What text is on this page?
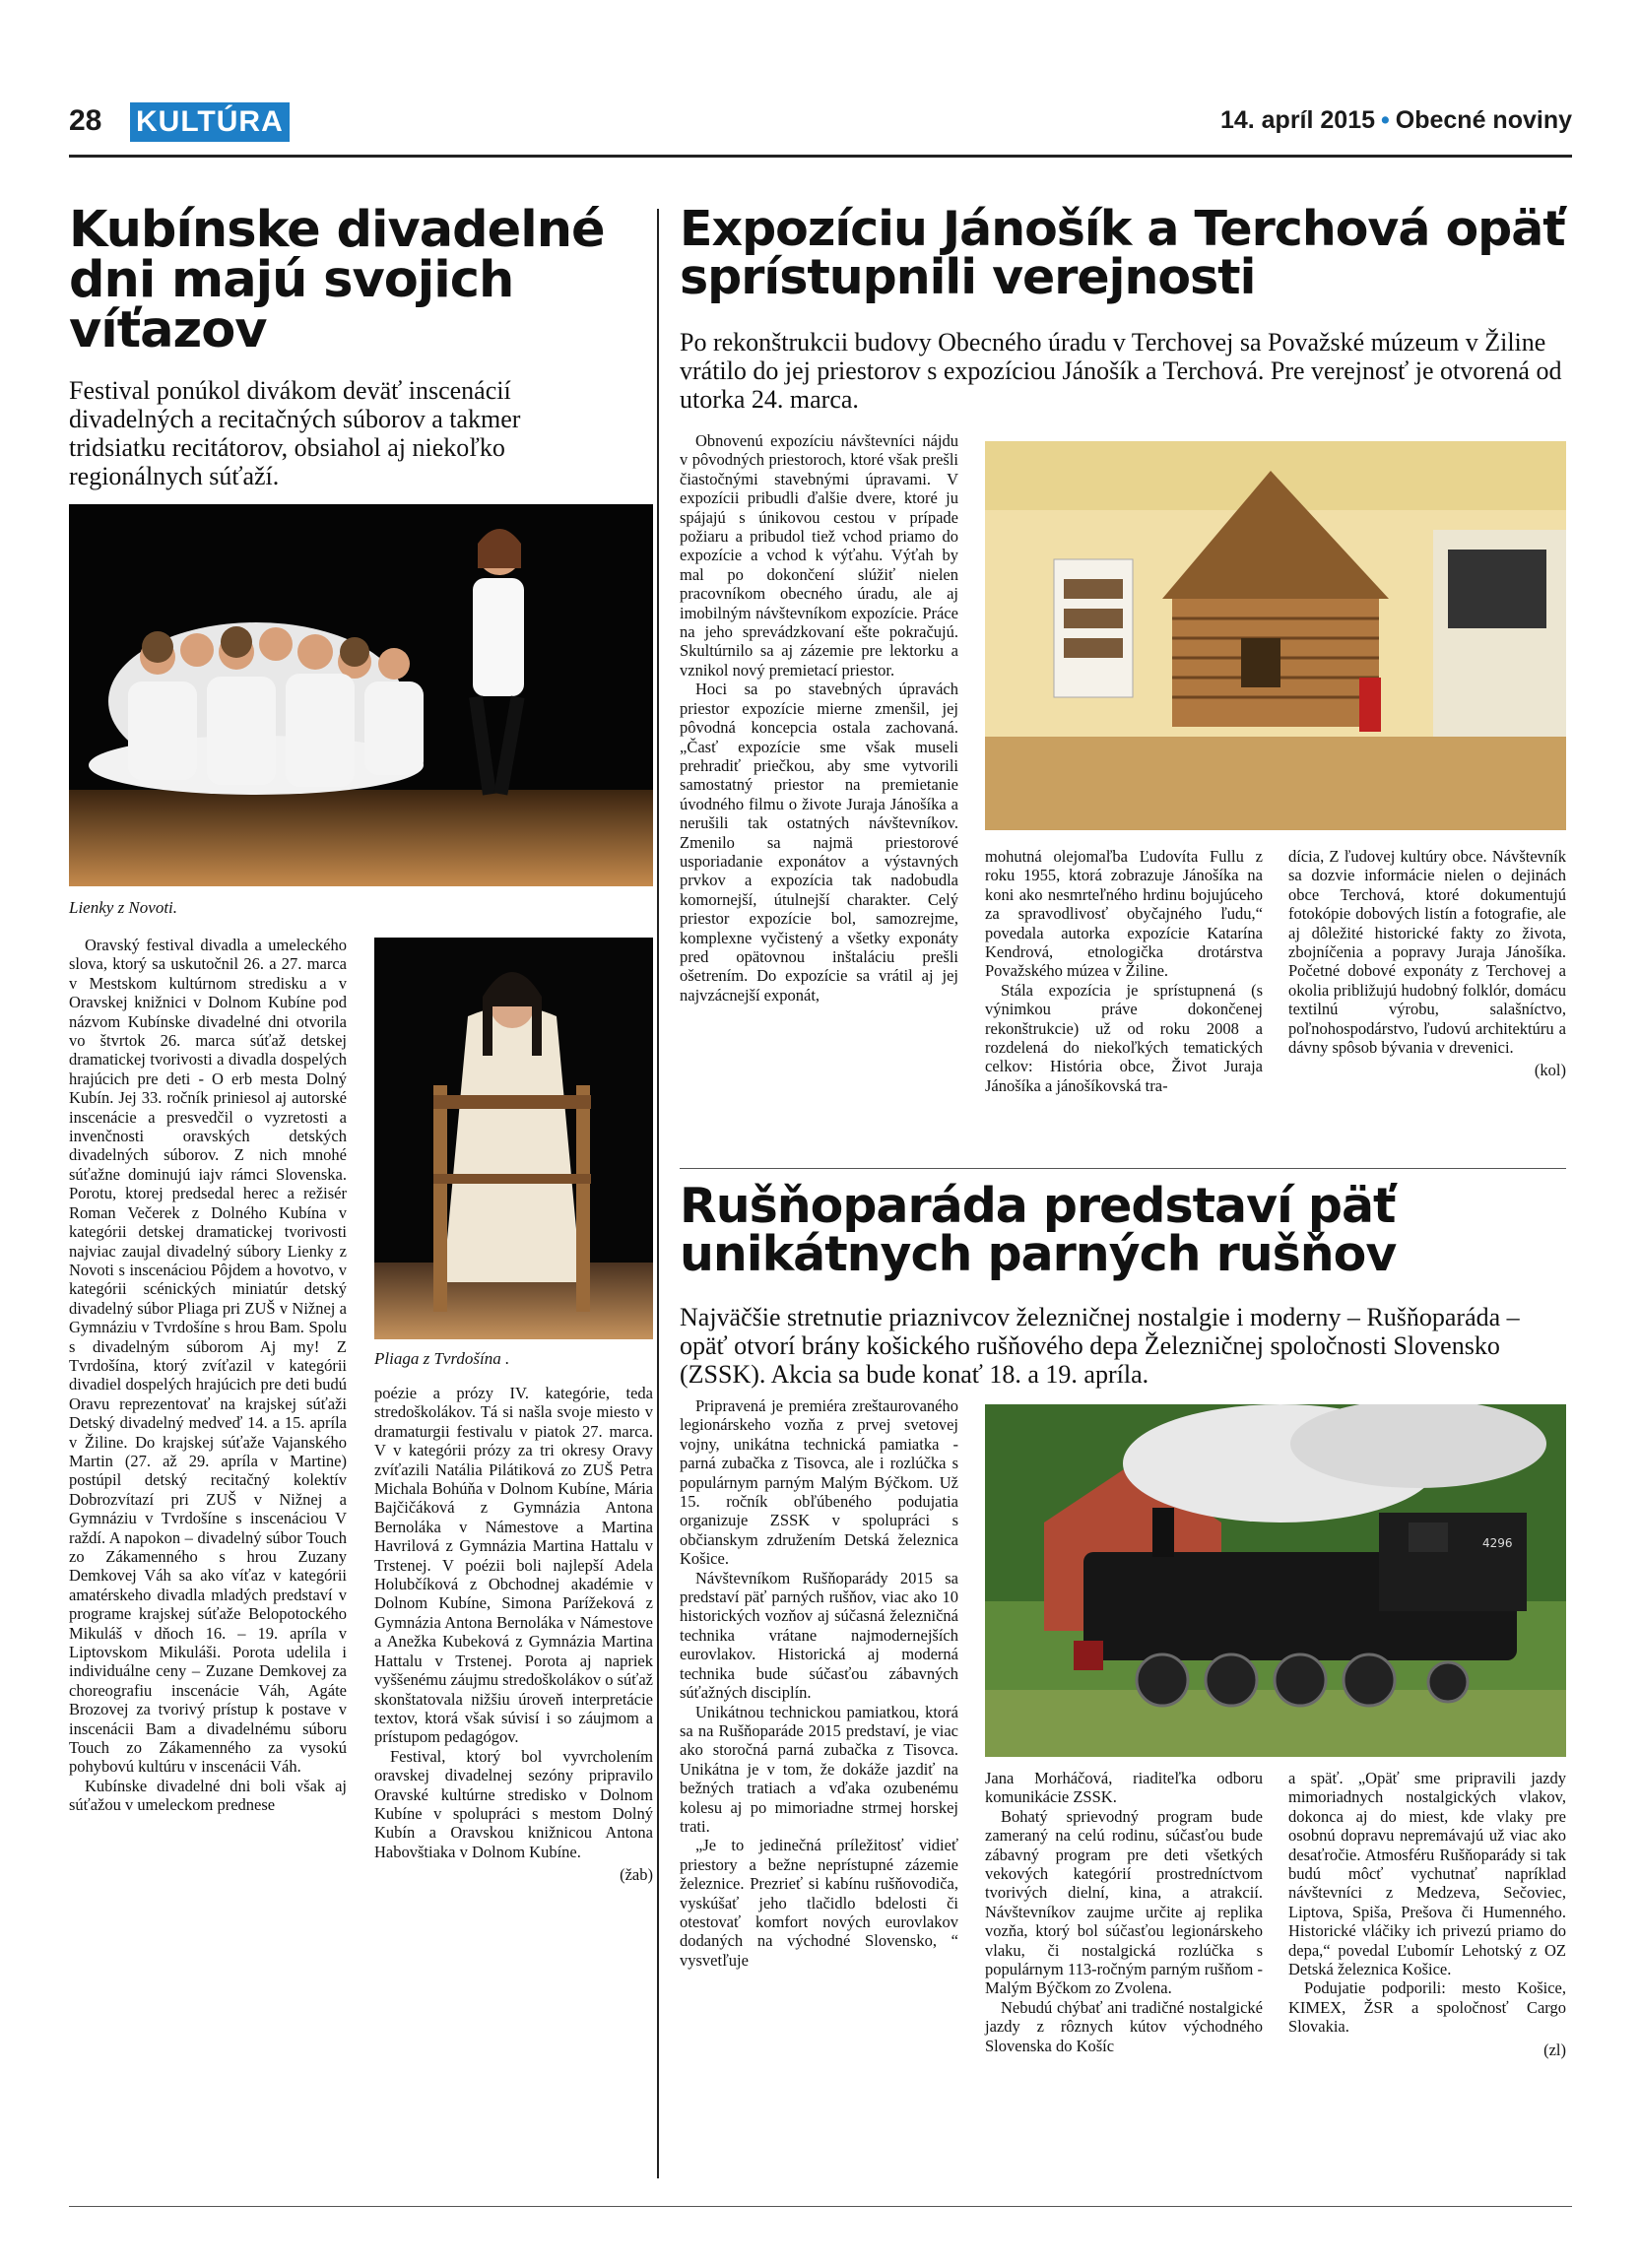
28 KULTÚRA	14. apríl 2015 • Obecné noviny
Kubínske divadelné dni majú svojich víťazov
Festival ponúkol divákom deväť inscenácií divadelných a recitačných súborov a takmer tridsiatku recitátorov, obsiahol aj niekoľko regionálnych súťaží.
Lienky z Novoti.
Pliaga z Tvrdošína .

Oravský festival divadla a umeleckého slova, ktorý sa uskutočnil 26. a 27. marca v Mestskom kultúrnom stredisku a v Oravskej knižnici v Dolnom Kubíne pod názvom Kubínske divadelné dni otvorila vo štvrtok 26. marca súťaž detskej dramatickej tvorivosti a divadla dospelých hrajúcich pre deti - O erb mesta Dolný Kubín. Jej 33. ročník priniesol aj autorské inscenácie a presvedčil o vyzretosti a invenčnosti oravských detských divadelných súborov. Z nich mnohé súťažne dominujú iajv rámci Slovenska. Porotu, ktorej predsedal herec a režisér Roman Večerek z Dolného Kubína v kategórii detskej dramatickej tvorivosti najviac zaujal divadelný súbory Lienky z Novoti s inscenáciou Pôjdem a hovotvo, v kategórii scénických miniatúr detský divadelný súbor Pliaga pri ZUŠ v Nižnej a Gymnáziu v Tvrdošíne s hrou Bam. Spolu s divadelným súborom Aj my! Z Tvrdošína, ktorý zvíťazil v kategórii divadiel dospelých hrajúcich pre deti budú Oravu reprezentovať na krajskej súťaži Detský divadelný medveď 14. a 15. apríla v Žiline. Do krajskej súťaže Vajanského Martin (27. až 29. apríla v Martine) postúpil detský recitačný kolektív Dobrozvítazí pri ZUŠ v Nižnej a Gymnáziu v Tvrdošíne s inscenáciou V raždí. A napokon – divadelný súbor Touch zo Zákamenného s hrou Zuzany Demkovej Váh sa ako víťaz v kategórii amatérskeho divadla mladých predstaví v programe krajskej súťaže Belopotockého Mikuláš v dňoch 16. – 19. apríla v Liptovskom Mikuláši. Porota udelila i individuálne ceny – Zuzane Demkovej za choreografiu inscenácie Váh, Agáte Brozovej za tvorivý prístup k postave v inscenácii Bam a divadelnému súboru Touch zo Zákamenného za vysokú pohybovú kultúru v inscenácii Váh.

Kubínske divadelné dni boli však aj súťažou v umeleckom prednese

poézie a prózy IV. kategórie, teda stredoškolákov. Tá si našla svoje miesto v dramaturgii festivalu v piatok 27. marca. V v kategórii prózy za tri okresy Oravy zvíťazili Natália Pilátiková zo ZUŠ Petra Michala Bohúňa v Dolnom Kubíne, Mária Bajčičáková z Gymnázia Antona Bernoláka v Námestove a Martina Havrilová z Gymnázia Martina Hattalu v Trstenej. V poézii boli najlepší Adela Holubčíková z Obchodnej akadémie v Dolnom Kubíne, Simona Parížeková z Gymnázia Antona Bernoláka v Námestove a Anežka Kubeková z Gymnázia Martina Hattalu v Trstenej. Porota aj napriek vyššenému záujmu stredoškolákov o súťaž skonštatovala nižšiu úroveň interpretácie textov, ktorá však súvisí i so záujmom a prístupom pedagógov.

Festival, ktorý bol vyvrcholením oravskej divadelnej sezóny pripravilo Oravské kultúrne stredisko v Dolnom Kubíne v spolupráci s mestom Dolný Kubín a Oravskou knižnicou Antona Habovštiaka v Dolnom Kubíne.

(žab)
Expozíciu Jánošík a Terchová opäť sprístupnili verejnosti
Po rekonštrukcii budovy Obecného úradu v Terchovej sa Považské múzeum v Žiline vrátilo do jej priestorov s expozíciou Jánošík a Terchová. Pre verejnosť je otvorená od utorka 24. marca.

Obnovenú expozíciu návštevníci nájdu v pôvodných priestoroch, ktoré však prešli čiastočnými stavebnými úpravami. V expozícii pribudli ďalšie dvere, ktoré ju spájajú s únikovou cestou v prípade požiaru a pribudol tiež vchod priamo do expozície a vchod k výťahu. Výťah by mal po dokončení slúžiť nielen pracovníkom obecného úradu, ale aj imobilným návštevníkom expozície. Práce na jeho sprevádzkovaní ešte pokračujú. Skultúrnilo sa aj zázemie pre lektorku a vznikol nový premietací priestor.

Hoci sa po stavebných úpravách priestor expozície mierne zmenšil, jej pôvodná koncepcia ostala zachovaná. „Časť expozície sme však museli prehradiť priečkou, aby sme vytvorili samostatný priestor na premietanie úvodného filmu o živote Juraja Jánošíka a nerušili tak ostatných návštevníkov. Zmenilo sa najmä priestorové usporiadanie exponátov a výstavných prvkov a expozícia tak nadobudla komornejší, útulnejší charakter. Celý priestor expozície bol, samozrejme, komplexne vyčistený a všetky exponáty pred opätovnou inštaláciu prešli ošetrením. Do expozície sa vrátil aj jej najvzácnejší exponát,

mohutná olejomaľba Ľudovíta Fullu z roku 1955, ktorá zobrazuje Jánošíka na koni ako nesmrteľného hrdinu bojujúceho za spravodlivosť obyčajného ľudu,“ povedala autorka expozície Katarína Kendrová, etnologička drotárstva Považského múzea v Žiline.

Stála expozícia je sprístupnená (s výnimkou práve dokončenej rekonštrukcie) už od roku 2008 a rozdelená do niekoľkých tematických celkov: História obce, Život Juraja Jánošíka a jánošíkovská tra-

dícia, Z ľudovej kultúry obce. Návštevník sa dozvie informácie nielen o dejinách obce Terchová, ktoré dokumentujú fotokópie dobových listín a fotografie, ale aj dôležité historické fakty zo života, zbojníčenia a popravy Juraja Jánošíka. Početné dobové exponáty z Terchovej a okolia približujú hudobný folklór, domácu textilnú výrobu, salašníctvo, poľnohospodárstvo, ľudovú architektúru a dávny spôsob bývania v drevenici.

(kol)
Rušňoparáda predstaví päť unikátnych parných rušňov
Najväčšie stretnutie priaznivcov železničnej nostalgie i moderny – Rušňoparáda – opäť otvorí brány košického rušňového depa Železničnej spoločnosti Slovensko (ZSSK). Akcia sa bude konať 18. a 19. apríla.

Pripravená je premiéra zreštaurovaného legionárskeho vozňa z prvej svetovej vojny, unikátna technická pamiatka - parná zubačka z Tisovca, ale i rozlúčka s populárnym parným Malým Býčkom. Už 15. ročník obľúbeného podujatia organizuje ZSSK v spolupráci s občianskym združením Detská železnica Košice.

Návštevníkom Rušňoparády 2015 sa predstaví päť parných rušňov, viac ako 10 historických vozňov aj súčasná železničná technika vrátane najmodernejších eurovlakov. Historická aj moderná technika bude súčasťou zábavných súťažných disciplín.

Unikátnou technickou pamiatkou, ktorá sa na Rušňoparáde 2015 predstaví, je viac ako storočná parná zubačka z Tisovca. Unikátna je v tom, že dokáže jazdiť na bežných tratiach a vďaka ozubenému kolesu aj po mimoriadne strmej horskej trati.

„Je to jedinečná príležitosť vidieť priestory a bežne neprístupné zázemie železnice. Prezrieť si kabínu rušňovodiča, vyskúšať jeho tlačidlo bdelosti či otestovať komfort nových eurovlakov dodaných na východné Slovensko, “ vysvetľuje

4296

Jana Morháčová, riaditeľka odboru komunikácie ZSSK.

Bohatý sprievodný program bude zameraný na celú rodinu, súčasťou bude zábavný program pre deti všetkých vekových kategórií prostredníctvom tvorivých dielní, kina, a atrakcií. Návštevníkov zaujme určite aj replika vozňa, ktorý bol súčasťou legionárskeho vlaku, či nostalgická rozlúčka s populárnym 113-ročným parným rušňom - Malým Býčkom zo Zvolena.

Nebudú chýbať ani tradičné nostalgické jazdy z rôznych kútov východného Slovenska do Košíc

a späť. „Opäť sme pripravili jazdy mimoriadnych nostalgických vlakov, dokonca aj do miest, kde vlaky pre osobnú dopravu nepremávajú už viac ako desaťročie. Atmosféru Rušňoparády si tak budú môcť vychutnať napríklad návštevníci z Medzeva, Sečoviec, Liptova, Spiša, Prešova či Humenného. Historické vláčiky ich privezú priamo do depa,“ povedal Ľubomír Lehotský z OZ Detská železnica Košice.

Podujatie podporili: mesto Košice, KIMEX, ŽSR a spoločnosť Cargo Slovakia.

(zl)
